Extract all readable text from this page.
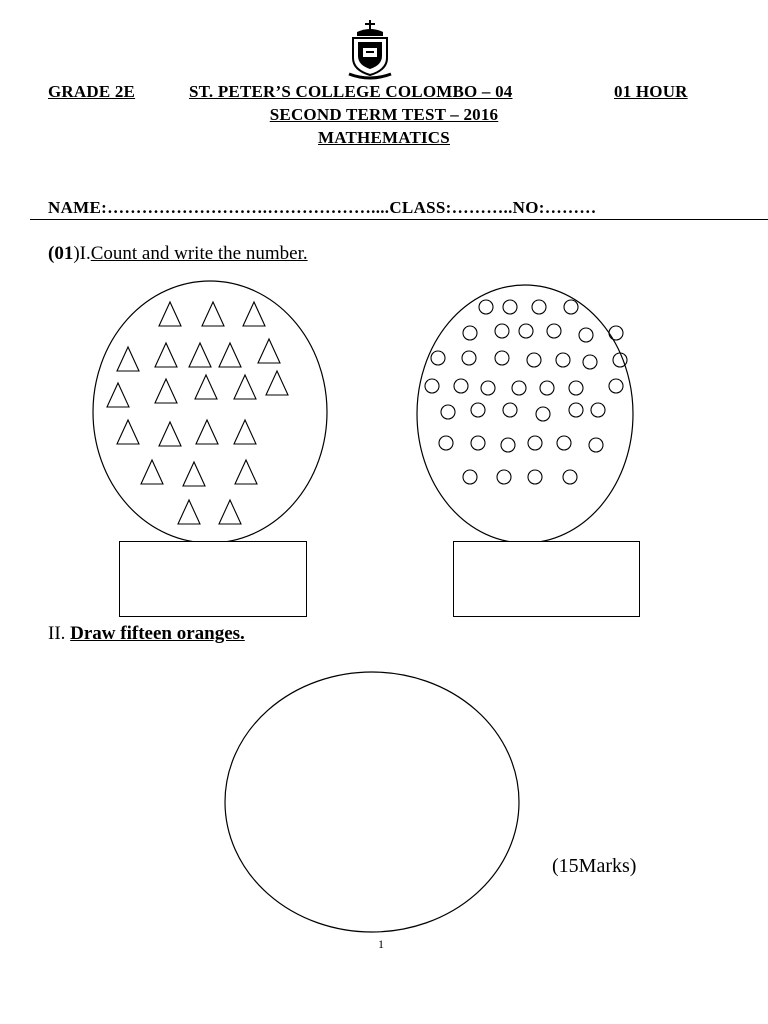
GRADE 2E	ST. PETER’S COLLEGE COLOMBO – 04	01 HOUR
SECOND TERM TEST – 2016
MATHEMATICS
NAME:……………………….………………....CLASS:………..NO:………
(01)I.Count and write the number.
II. Draw fifteen oranges.
(15Marks)
1
